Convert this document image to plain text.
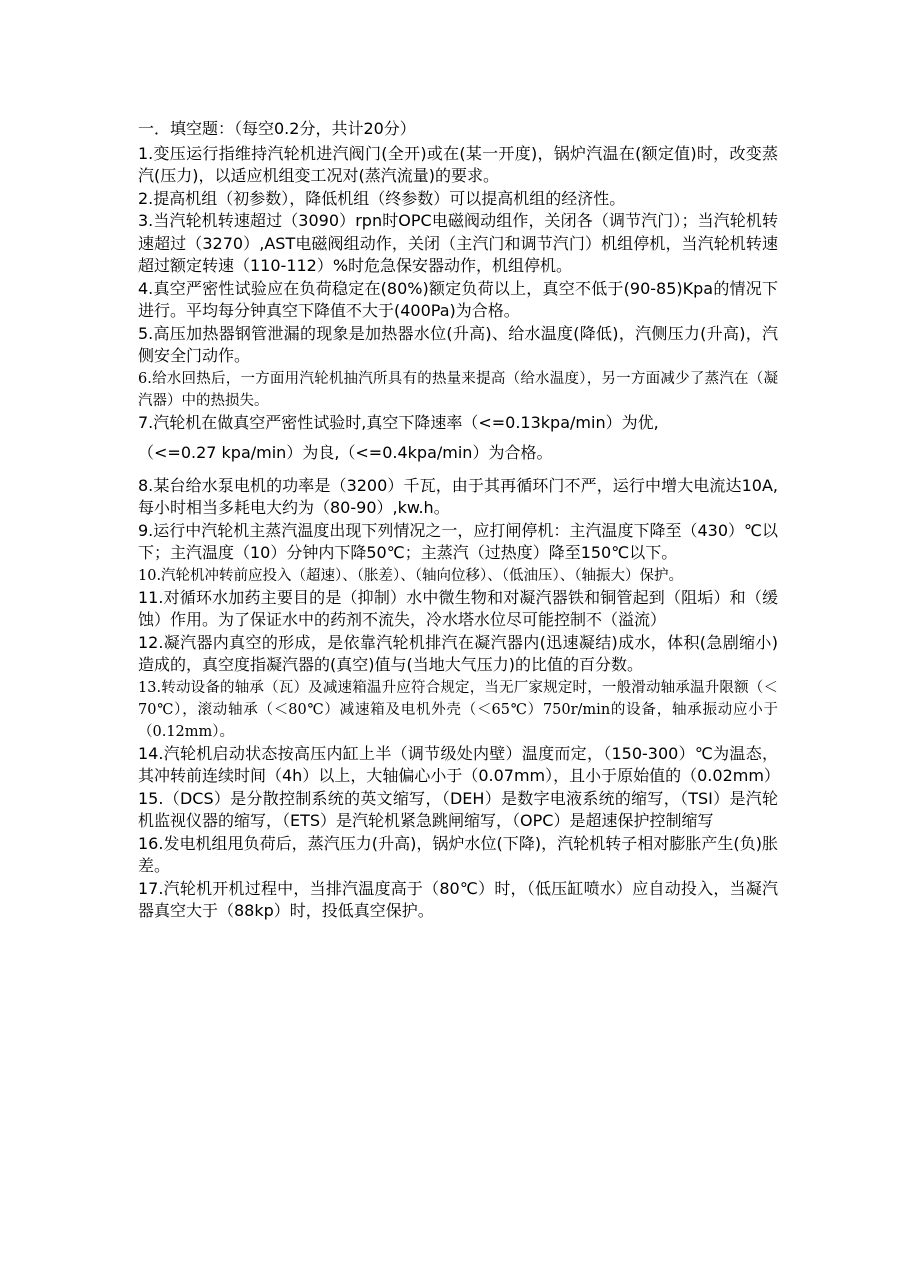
一．填空题：（每空0.2分，共计20分）

1.变压运行指维持汽轮机进汽阀门(全开)或在(某一开度)，锅炉汽温在(额定值)时，改变蒸汽(压力)，以适应机组变工况对(蒸汽流量)的要求。

2.提高机组（初参数），降低机组（终参数）可以提高机组的经济性。

3.当汽轮机转速超过（3090）rpn时OPC电磁阀动组作，关闭各（调节汽门）；当汽轮机转速超过（3270）,AST电磁阀组动作，关闭（主汽门和调节汽门）机组停机，当汽轮机转速超过额定转速（110-112）%时危急保安器动作，机组停机。

4.真空严密性试验应在负荷稳定在(80%)额定负荷以上，真空不低于(90-85)Kpa的情况下进行。平均每分钟真空下降值不大于(400Pa)为合格。

5.高压加热器钢管泄漏的现象是加热器水位(升高)、给水温度(降低)，汽侧压力(升高)，汽侧安全门动作。

6.给水回热后，一方面用汽轮机抽汽所具有的热量来提高（给水温度），另一方面减少了蒸汽在（凝汽器）中的热损失。

7.汽轮机在做真空严密性试验时,真空下降速率（<=0.13kpa/min）为优,

（<=0.27 kpa/min）为良,（<=0.4kpa/min）为合格。

8.某台给水泵电机的功率是（3200）千瓦，由于其再循环门不严，运行中增大电流达10A,每小时相当多耗电大约为（80-90）,kw.h。

9.运行中汽轮机主蒸汽温度出现下列情况之一，应打闸停机：主汽温度下降至（430）℃以下；主汽温度（10）分钟内下降50℃；主蒸汽（过热度）降至150℃以下。

10.汽轮机冲转前应投入（超速）、（胀差）、（轴向位移）、（低油压）、（轴振大）保护。

11.对循环水加药主要目的是（抑制）水中微生物和对凝汽器铁和铜管起到（阻垢）和（缓蚀）作用。为了保证水中的药剂不流失，冷水塔水位尽可能控制不（溢流）

12.凝汽器内真空的形成，是依靠汽轮机排汽在凝汽器内(迅速凝结)成水，体积(急剧缩小)造成的，真空度指凝汽器的(真空)值与(当地大气压力)的比值的百分数。

13.转动设备的轴承（瓦）及减速箱温升应符合规定，当无厂家规定时，一般滑动轴承温升限额（＜70℃），滚动轴承（＜80℃）减速箱及电机外壳（＜65℃）750r/min的设备，轴承振动应小于（0.12mm）。

14.汽轮机启动状态按高压内缸上半（调节级处内壁）温度而定，（150-300）℃为温态，其冲转前连续时间（4h）以上，大轴偏心小于（0.07mm），且小于原始值的（0.02mm）

15.（DCS）是分散控制系统的英文缩写，（DEH）是数字电液系统的缩写，（TSI）是汽轮机监视仪器的缩写，（ETS）是汽轮机紧急跳闸缩写，（OPC）是超速保护控制缩写

16.发电机组甩负荷后，蒸汽压力(升高)，锅炉水位(下降)，汽轮机转子相对膨胀产生(负)胀差。

17.汽轮机开机过程中，当排汽温度高于（80℃）时，（低压缸喷水）应自动投入，当凝汽器真空大于（88kp）时，投低真空保护。
